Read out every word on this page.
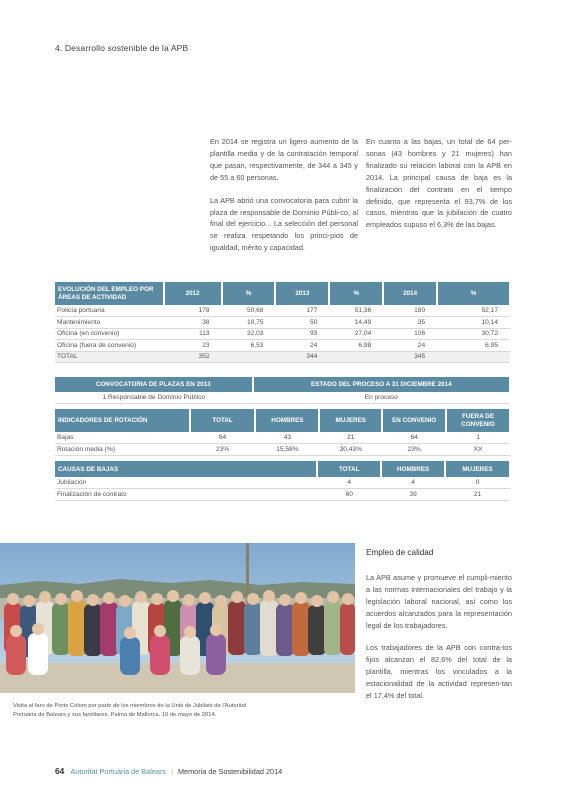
4. Desarrollo sostenible de la APB

En 2014 se registra un ligero aumento de la plantilla media y de la contratación temporal que pasan, respectivamente, de 344 a 345 y de 55 a 60 personas.

La APB abrió una convocatoria para cubrir la plaza de responsable de Dominio Públi-co, al final del ejercicio... La selección del personal se realiza respetando los princi-pios de igualdad, mérito y capacidad.

En cuanto a las bajas, un total de 64 per-sonas (43 hombres y 21 mujeres) han finalizado su relación laboral con la APB en 2014. La principal causa de baja es la finalización del contrato en el tiempo definido, que representa el 93,7% de los casos, mientras que la jubilación de cuatro empleados supuso el 6,3% de las bajas.

EVOLUCIÓN DEL EMPLEO POR ÁREAS DE ACTIVIDAD	2012	%	2013	%	2014	%
Policía portuaria	178	50,68	177	51,36	180	52,17
Mantenimiento	38	10,75	50	14,49	35	10,14
Oficina (en convenio)	113	32,03	93	27,04	106	30,72
Oficina (fuera de convenio)	23	6,53	24	6,98	24	6,95
TOTAL	352		344		345	
CONVOCATORIA DE PLAZAS EN 2013	ESTADO DEL PROCESO A 31 DICIEMBRE 2014
1 Responsable de Dominio Público	En proceso
INDICADORES DE ROTACIÓN	TOTAL	HOMBRES	MUJERES	EN CONVENIO	FUERA DE CONVENIO
Bajas	64	43	21	64	1
Rotación media (%)	23%	15,58%	30,43%	23%	XX
CAUSAS DE BAJAS	TOTAL	HOMBRES	MUJERES
Jubilación	4	4	0
Finalización de contrato	60	39	21
Visita al faro de Porto Colom por parte de los miembros de la Unió de Jubilats de l'Autoritat Portuària de Balears y sus familiares. Palma de Mallorca, 10 de mayo de 2014.
Empleo de calidad

La APB asume y promueve el cumpli-miento a las normas internacionales del trabajo y la legislación laboral nacional, así como los acuerdos alcanzados para la representación legal de los trabajadores.

Los trabajadores de la APB con contra-tos fijos alcanzan el 82,6% del total de la plantilla, mientras los vinculados a la estacionalidad de la actividad represen-tan el 17,4% del total.

64 Autoritat Portuària de Balears | Memoria de Sostenibilidad 2014
